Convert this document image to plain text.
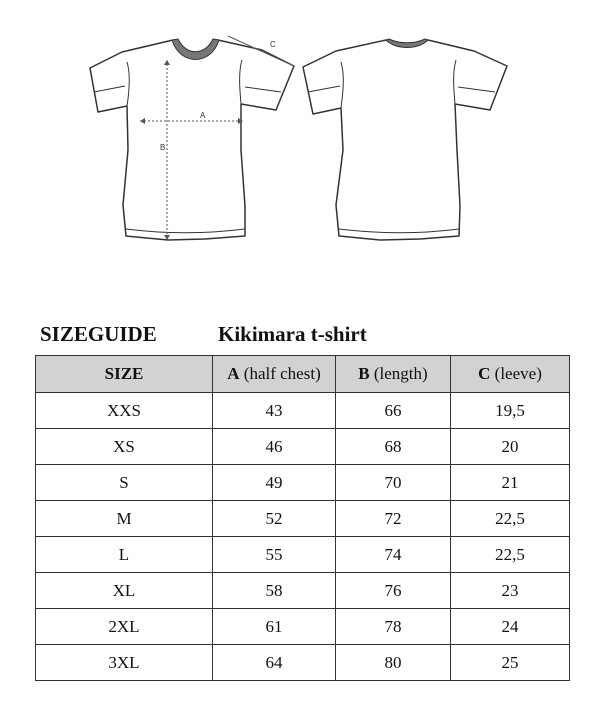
A
B
C
SIZEGUIDE	Kikimara t-shirt
SIZE	A (half chest)	B (length)	C (leeve)
XXS	43	66	19,5
XS	46	68	20
S	49	70	21
M	52	72	22,5
L	55	74	22,5
XL	58	76	23
2XL	61	78	24
3XL	64	80	25
